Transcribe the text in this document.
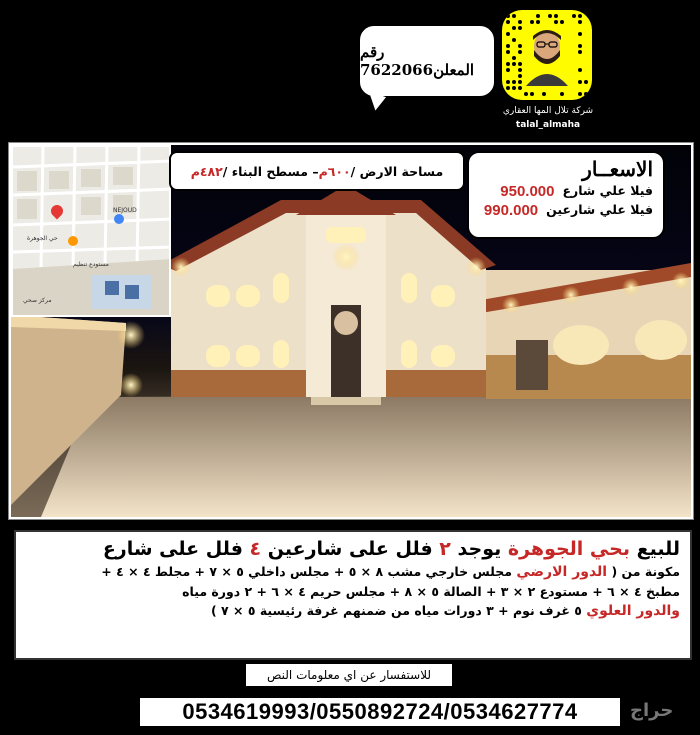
رقم المعلن7622066
شركة تلال المها العقاري
talal_almaha
NEJOUD
حي الجوهرة
مستودع تنظيم
مركز صحي
مساحة الارض /
٦٠٠م
– مسطح البناء /
٤٨٢م	الاسعــار
فيلا علي شارع
950.000
فيلا علي شارعين
990.000
للبيع بحي الجوهرة يوجد ٢ فلل على شارعين ٤ فلل على شارع
مكونة من ( الدور الارضي مجلس خارجي مشب ٨ × ٥ + مجلس داخلي ٥ × ٧ + مجلط ٤ × ٤ +
مطبخ ٤ × ٦ + مستودع ٢ × ٣ + الصالة ٥ × ٨ + مجلس حريم ٤ × ٦ + ٢ دورة مياه
والدور العلوي ٥ غرف نوم + ٣ دورات مياه من ضمنهم غرفة رئيسية ٥ × ٧ )
للاستفسار عن اي معلومات النص
0534619993/0550892724/0534627774	حراج
